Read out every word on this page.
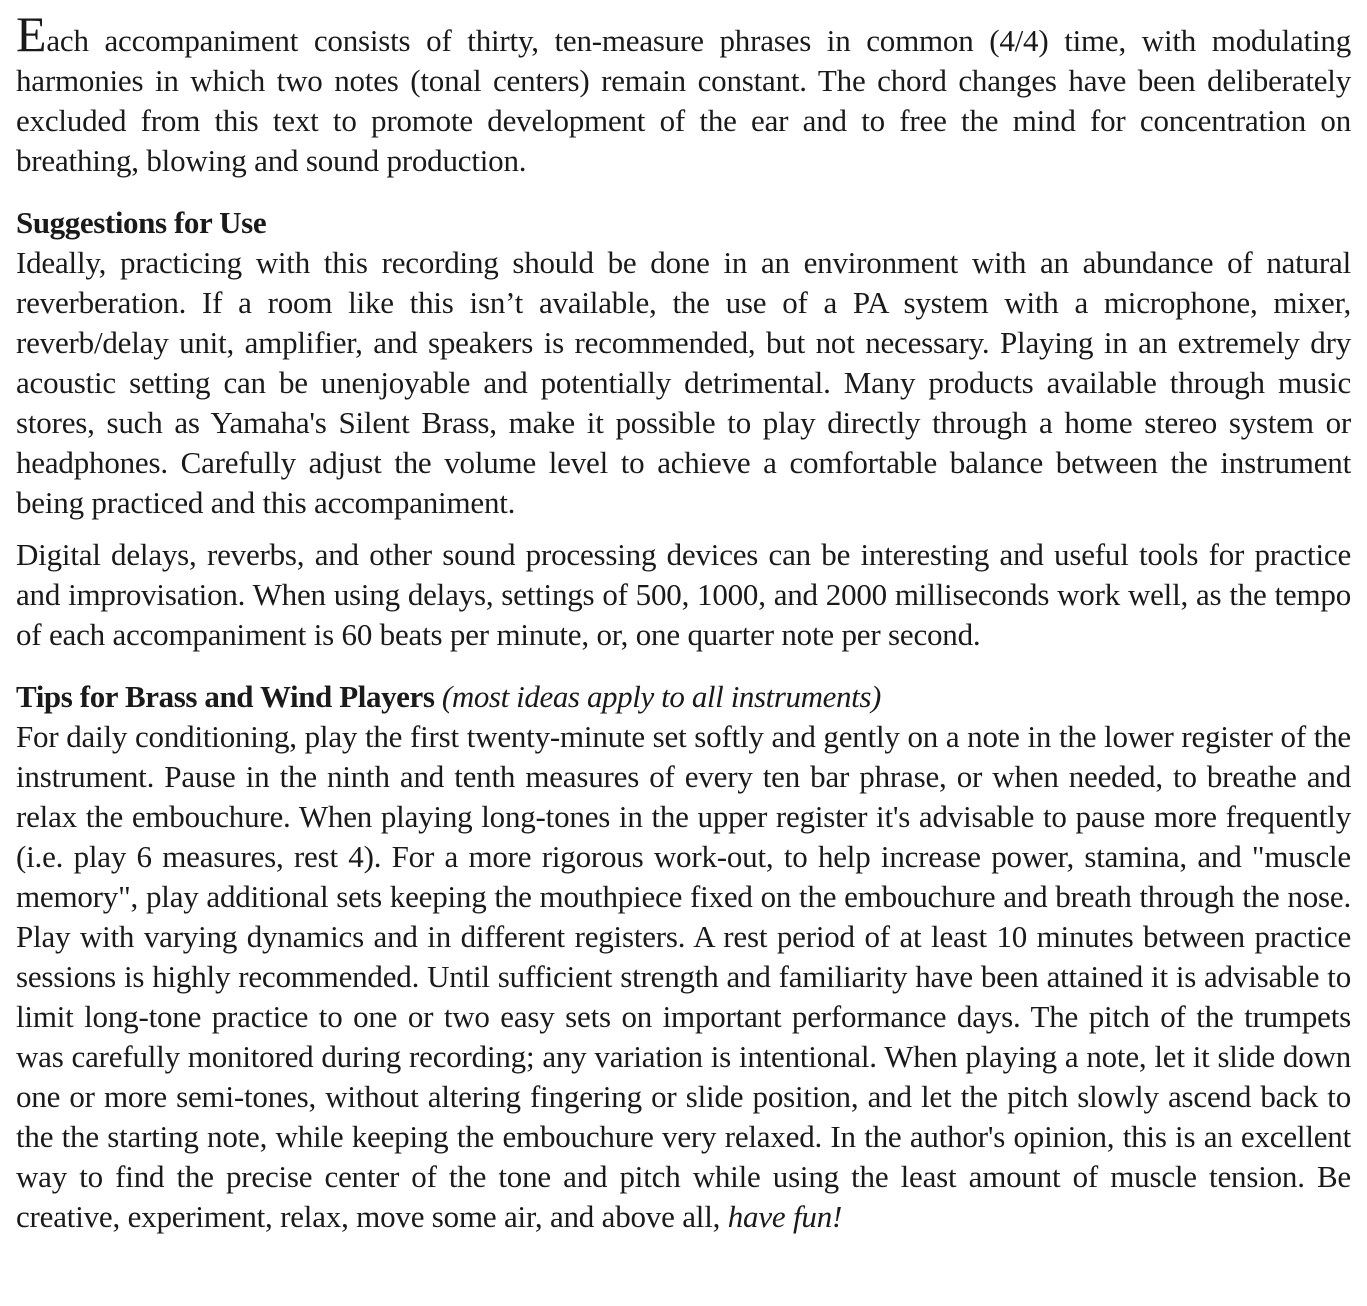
Each accompaniment consists of thirty, ten-measure phrases in common (4/4) time, with modulating harmonies in which two notes (tonal centers) remain constant. The chord changes have been deliberately excluded from this text to promote development of the ear and to free the mind for concentration on breathing, blowing and sound production.

Suggestions for Use

Ideally, practicing with this recording should be done in an environment with an abundance of natural reverberation. If a room like this isn’t available, the use of a PA system with a microphone, mixer, reverb/delay unit, amplifier, and speakers is recommended, but not necessary. Playing in an extremely dry acoustic setting can be unenjoyable and potentially detrimental. Many products available through music stores, such as Yamaha's Silent Brass, make it possible to play directly through a home stereo system or headphones. Carefully adjust the volume level to achieve a comfortable balance between the instrument being practiced and this accompaniment.

Digital delays, reverbs, and other sound processing devices can be interesting and useful tools for practice and improvisation. When using delays, settings of 500, 1000, and 2000 milliseconds work well, as the tempo of each accompaniment is 60 beats per minute, or, one quarter note per second.

Tips for Brass and Wind Players (most ideas apply to all instruments)

For daily conditioning, play the first twenty-minute set softly and gently on a note in the lower register of the instrument. Pause in the ninth and tenth measures of every ten bar phrase, or when needed, to breathe and relax the embouchure. When playing long-tones in the upper register it's advisable to pause more frequently (i.e. play 6 measures, rest 4). For a more rigorous work-out, to help increase power, stamina, and "muscle memory", play additional sets keeping the mouthpiece fixed on the embouchure and breath through the nose. Play with varying dynamics and in different registers. A rest period of at least 10 minutes between practice sessions is highly recommended. Until sufficient strength and familiarity have been attained it is advisable to limit long-tone practice to one or two easy sets on important performance days. The pitch of the trumpets was carefully monitored during recording; any variation is intentional. When playing a note, let it slide down one or more semi-tones, without altering fingering or slide position, and let the pitch slowly ascend back to the the starting note, while keeping the embouchure very relaxed. In the author's opinion, this is an excellent way to find the precise center of the tone and pitch while using the least amount of muscle tension. Be creative, experiment, relax, move some air, and above all, have fun!
